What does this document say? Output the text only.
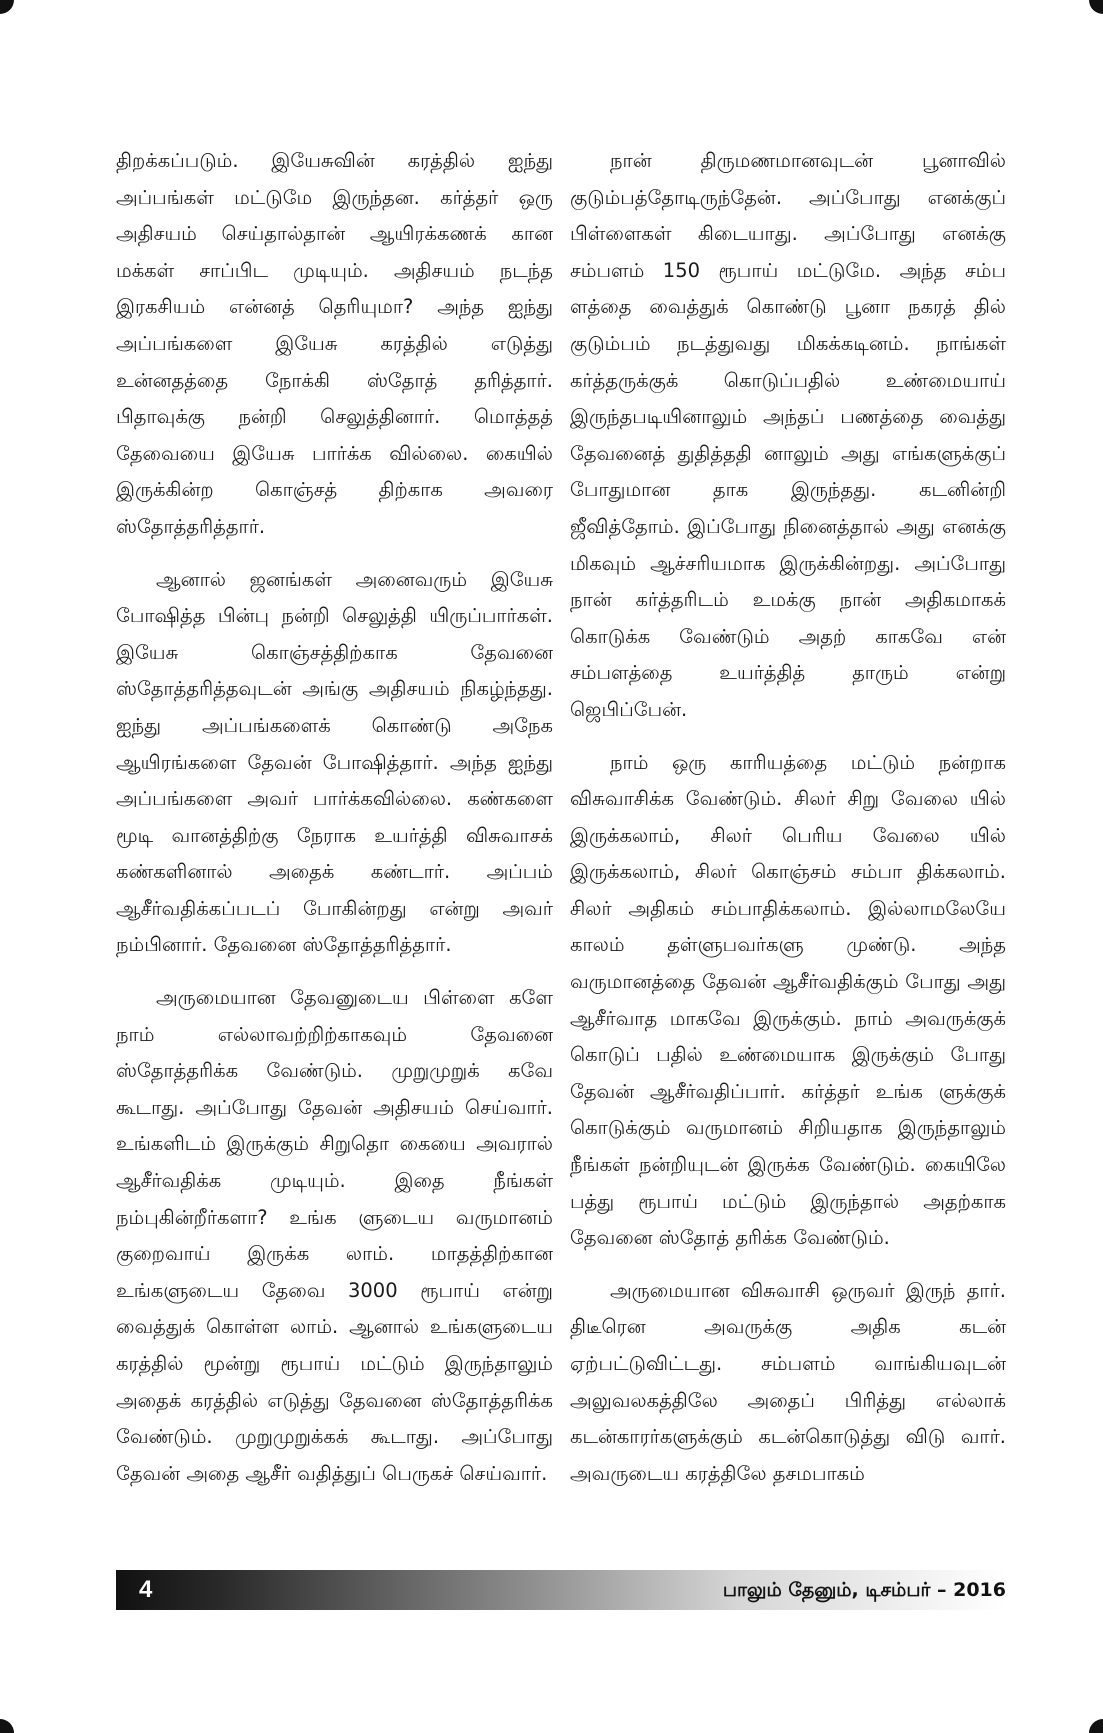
திறக்கப்படும். இயேசுவின் கரத்தில் ஐந்து அப்பங்கள் மட்டுமே இருந்தன. கர்த்தர் ஒரு அதிசயம் செய்தால்தான் ஆயிரக்கணக் கான மக்கள் சாப்பிட முடியும். அதிசயம் நடந்த இரகசியம் என்னத் தெரியுமா? அந்த ஐந்து அப்பங்களை இயேசு கரத்தில் எடுத்து உன்னதத்தை நோக்கி ஸ்தோத் தரித்தார். பிதாவுக்கு நன்றி செலுத்தினார். மொத்தத் தேவையை இயேசு பார்க்க வில்லை. கையில் இருக்கின்ற கொஞ்சத் திற்காக அவரை ஸ்தோத்தரித்தார்.

ஆனால் ஜனங்கள் அனைவரும் இயேசு போஷித்த பின்பு நன்றி செலுத்தி யிருப்பார்கள். இயேசு கொஞ்சத்திற்காக தேவனை ஸ்தோத்தரித்தவுடன் அங்கு அதிசயம் நிகழ்ந்தது. ஐந்து அப்பங்களைக் கொண்டு அநேக ஆயிரங்களை தேவன் போஷித்தார். அந்த ஐந்து அப்பங்களை அவர் பார்க்கவில்லை. கண்களை மூடி வானத்திற்கு நேராக உயர்த்தி விசுவாசக் கண்களினால் அதைக் கண்டார். அப்பம் ஆசீர்வதிக்கப்படப் போகின்றது என்று அவர் நம்பினார். தேவனை ஸ்தோத்தரித்தார்.

அருமையான தேவனுடைய பிள்ளை களே நாம் எல்லாவற்றிற்காகவும் தேவனை ஸ்தோத்தரிக்க வேண்டும். முறுமுறுக் கவே கூடாது. அப்போது தேவன் அதிசயம் செய்வார். உங்களிடம் இருக்கும் சிறுதொ கையை அவரால் ஆசீர்வதிக்க முடியும். இதை நீங்கள் நம்புகின்றீர்களா? உங்க ளுடைய வருமானம் குறைவாய் இருக்க லாம். மாதத்திற்கான உங்களுடைய தேவை 3000 ரூபாய் என்று வைத்துக் கொள்ள லாம். ஆனால் உங்களுடைய கரத்தில் மூன்று ரூபாய் மட்டும் இருந்தாலும் அதைக் கரத்தில் எடுத்து தேவனை ஸ்தோத்தரிக்க வேண்டும். முறுமுறுக்கக் கூடாது. அப்போது தேவன் அதை ஆசீர் வதித்துப் பெருகச் செய்வார்.

நான் திருமணமானவுடன் பூனாவில் குடும்பத்தோடிருந்தேன். அப்போது எனக்குப் பிள்ளைகள் கிடையாது. அப்போது எனக்கு சம்பளம் 150 ரூபாய் மட்டுமே. அந்த சம்ப ளத்தை வைத்துக் கொண்டு பூனா நகரத் தில் குடும்பம் நடத்துவது மிகக்கடினம். நாங்கள் கர்த்தருக்குக் கொடுப்பதில் உண்மையாய் இருந்தபடியினாலும் அந்தப் பணத்தை வைத்து தேவனைத் துதித்ததி னாலும் அது எங்களுக்குப் போதுமான தாக இருந்தது. கடனின்றி ஜீவித்தோம். இப்போது நினைத்தால் அது எனக்கு மிகவும் ஆச்சரியமாக இருக்கின்றது. அப்போது நான் கர்த்தரிடம் உமக்கு நான் அதிகமாகக் கொடுக்க வேண்டும் அதற் காகவே என் சம்பளத்தை உயர்த்தித் தாரும் என்று ஜெபிப்பேன்.

நாம் ஒரு காரியத்தை மட்டும் நன்றாக விசுவாசிக்க வேண்டும். சிலர் சிறு வேலை யில் இருக்கலாம், சிலர் பெரிய வேலை யில் இருக்கலாம், சிலர் கொஞ்சம் சம்பா திக்கலாம். சிலர் அதிகம் சம்பாதிக்கலாம். இல்லாமலேயே காலம் தள்ளுபவர்களு முண்டு. அந்த வருமானத்தை தேவன் ஆசீர்வதிக்கும் போது அது ஆசீர்வாத மாகவே இருக்கும். நாம் அவருக்குக் கொடுப் பதில் உண்மையாக இருக்கும் போது தேவன் ஆசீர்வதிப்பார். கர்த்தர் உங்க ளுக்குக் கொடுக்கும் வருமானம் சிறியதாக இருந்தாலும் நீங்கள் நன்றியுடன் இருக்க வேண்டும். கையிலே பத்து ரூபாய் மட்டும் இருந்தால் அதற்காக தேவனை ஸ்தோத் தரிக்க வேண்டும்.

அருமையான விசுவாசி ஒருவர் இருந் தார். திடீரென அவருக்கு அதிக கடன் ஏற்பட்டுவிட்டது. சம்பளம் வாங்கியவுடன் அலுவலகத்திலே அதைப் பிரித்து எல்லாக் கடன்காரர்களுக்கும் கடன்கொடுத்து விடு வார். அவருடைய கரத்திலே தசமபாகம்

4	பாலும் தேனும், டிசம்பர் – 2016
